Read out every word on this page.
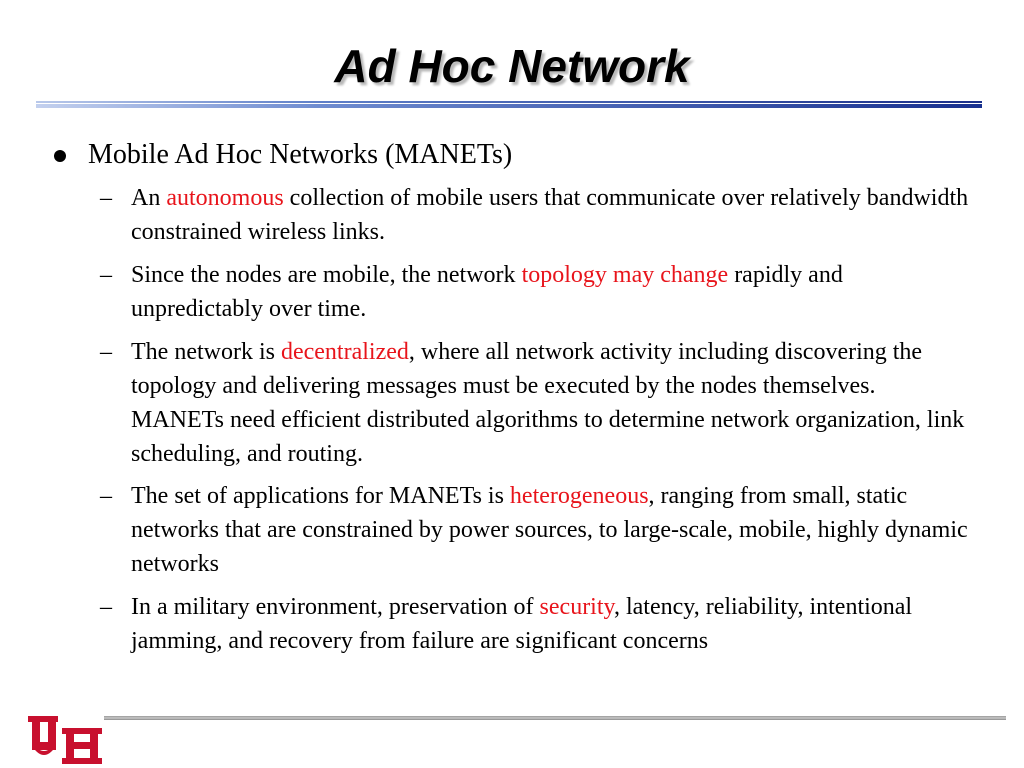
Ad Hoc Network
Mobile Ad Hoc Networks (MANETs)
– An autonomous collection of mobile users that communicate over relatively bandwidth constrained wireless links.
– Since the nodes are mobile, the network topology may change rapidly and unpredictably over time.
– The network is decentralized, where all network activity including discovering the topology and delivering messages must be executed by the nodes themselves. MANETs need efficient distributed algorithms to determine network organization, link scheduling, and routing.
– The set of applications for MANETs is heterogeneous, ranging from small, static networks that are constrained by power sources, to large-scale, mobile, highly dynamic networks
– In a military environment, preservation of security, latency, reliability, intentional jamming, and recovery from failure are significant concerns
